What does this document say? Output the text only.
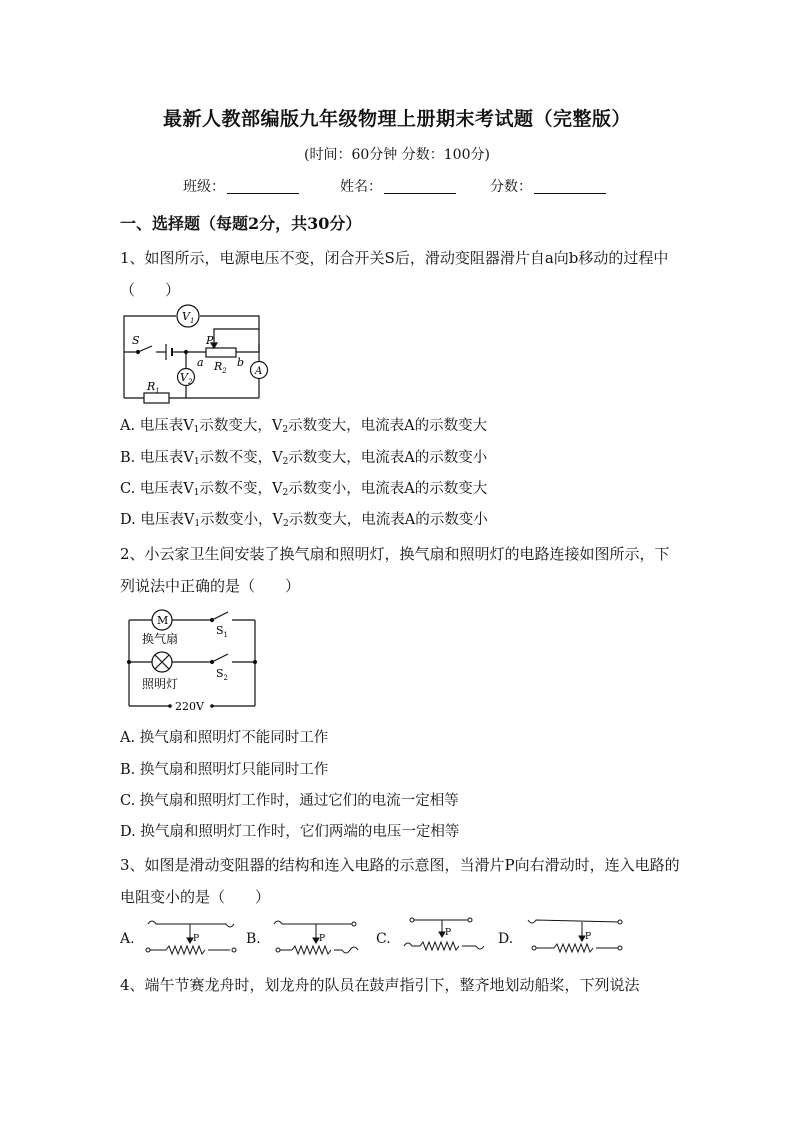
最新人教部编版九年级物理上册期末考试题（完整版）
(时间：60分钟 分数：100分)
班级：	姓名：	分数：
一、选择题（每题2分，共30分）
1、如图所示，电源电压不变，闭合开关S后，滑动变阻器滑片自a向b移动的过程中（　　）
$V_1$
$V_2$
A
S	P
a	b
$R_2$
$R_1$
A. 电压表$V_1$示数变大，$V_2$示数变大，电流表A的示数变大
B. 电压表$V_1$示数不变，$V_2$示数变大，电流表A的示数变小
C. 电压表$V_1$示数不变，$V_2$示数变小，电流表A的示数变大
D. 电压表$V_1$示数变小，$V_2$示数变大，电流表A的示数变小
2、小云家卫生间安装了换气扇和照明灯，换气扇和照明灯的电路连接如图所示，下列说法中正确的是（　　）
M
换气扇
照明灯
$S_1$
$S_2$
220V
A. 换气扇和照明灯不能同时工作
B. 换气扇和照明灯只能同时工作
C. 换气扇和照明灯工作时，通过它们的电流一定相等
D. 换气扇和照明灯工作时，它们两端的电压一定相等
3、如图是滑动变阻器的结构和连入电路的示意图，当滑片P向右滑动时，连入电路的电阻变小的是（　　）
A.	P	B.	P	C.	P	D.	P
4、端午节赛龙舟时，划龙舟的队员在鼓声指引下，整齐地划动船桨，下列说法
